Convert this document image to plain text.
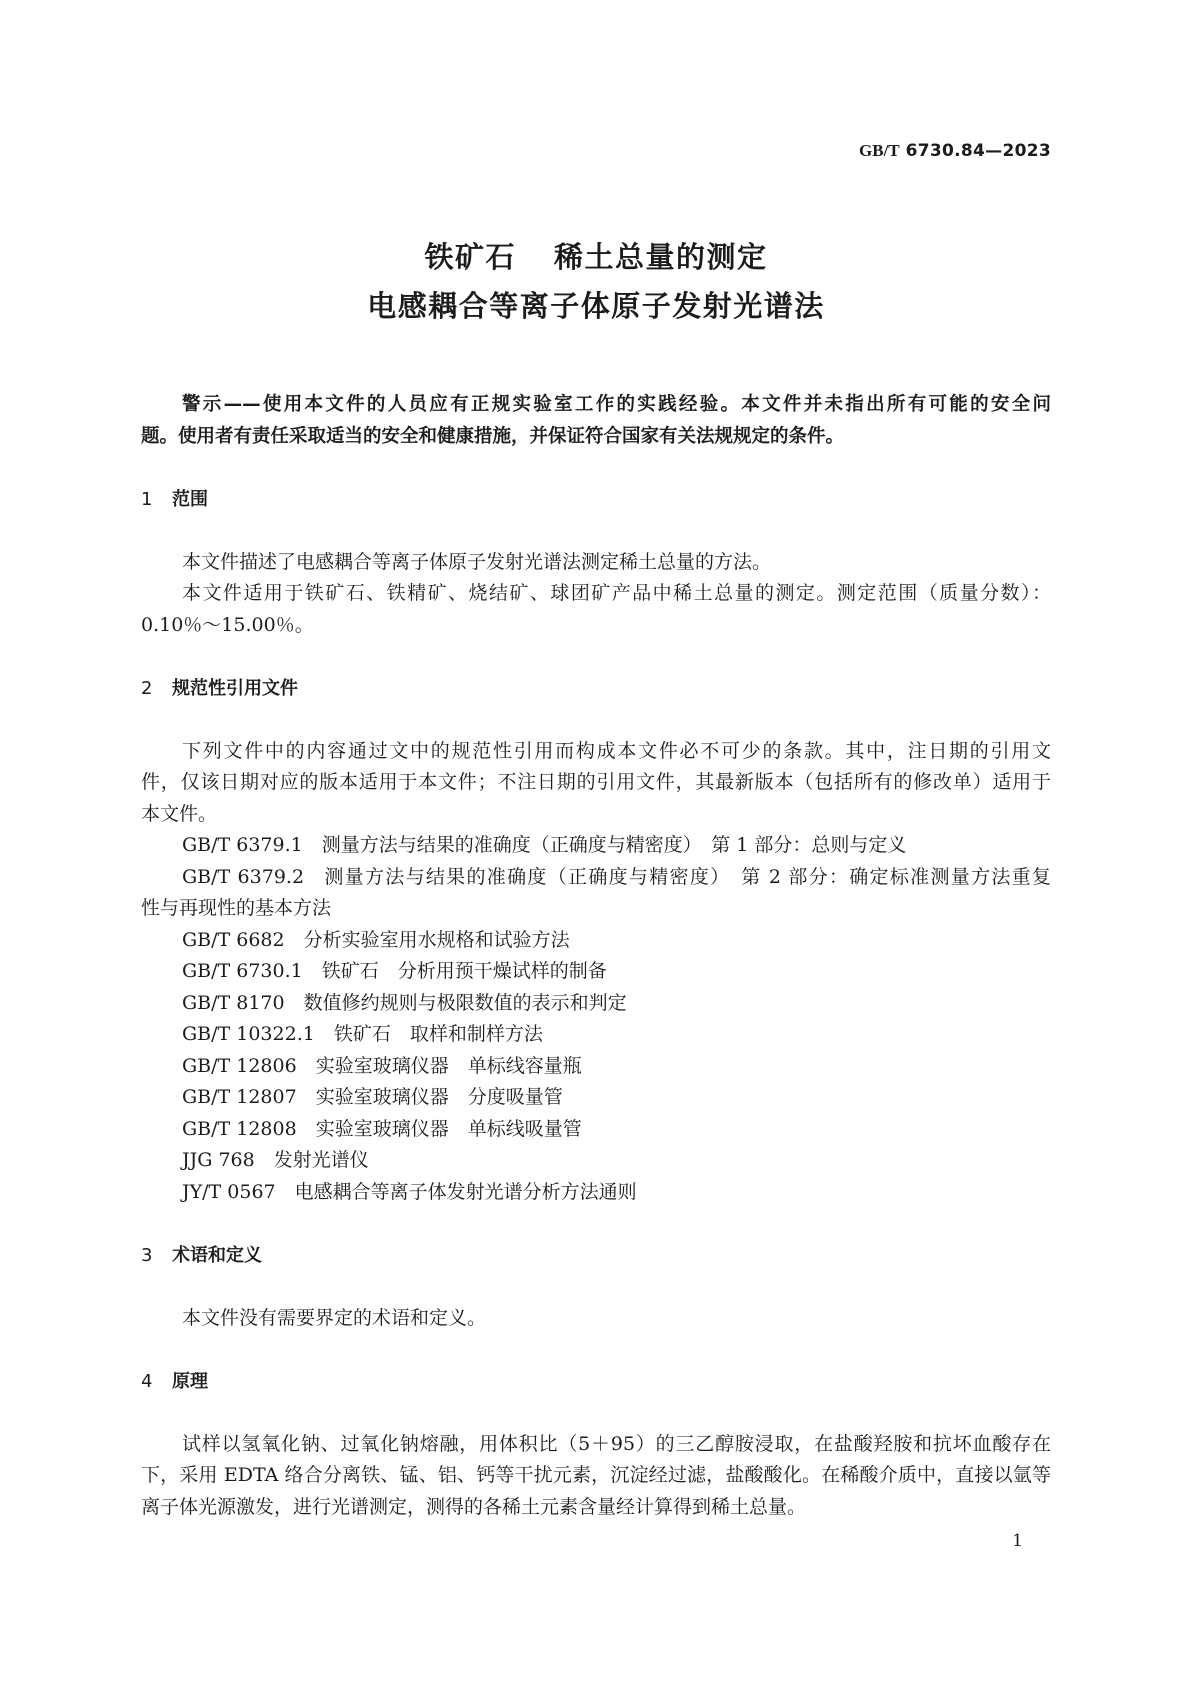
GB/T 6730.84—2023
铁矿石 稀土总量的测定
电感耦合等离子体原子发射光谱法
警示——使用本文件的人员应有正规实验室工作的实践经验。本文件并未指出所有可能的安全问
题。使用者有责任采取适当的安全和健康措施，并保证符合国家有关法规规定的条件。
1 范围
本文件描述了电感耦合等离子体原子发射光谱法测定稀土总量的方法。
本文件适用于铁矿石、铁精矿、烧结矿、球团矿产品中稀土总量的测定。测定范围（质量分数）：
0.10％～15.00％。
2 规范性引用文件
下列文件中的内容通过文中的规范性引用而构成本文件必不可少的条款。其中，注日期的引用文
件，仅该日期对应的版本适用于本文件；不注日期的引用文件，其最新版本（包括所有的修改单）适用于
本文件。
GB/T 6379.1 测量方法与结果的准确度（正确度与精密度）　第 1 部分：总则与定义
GB/T 6379.2 测量方法与结果的准确度（正确度与精密度）　第 2 部分：确定标准测量方法重复
性与再现性的基本方法
GB/T 6682 分析实验室用水规格和试验方法
GB/T 6730.1 铁矿石　分析用预干燥试样的制备
GB/T 8170 数值修约规则与极限数值的表示和判定
GB/T 10322.1 铁矿石　取样和制样方法
GB/T 12806 实验室玻璃仪器　单标线容量瓶
GB/T 12807 实验室玻璃仪器　分度吸量管
GB/T 12808 实验室玻璃仪器　单标线吸量管
JJG 768 发射光谱仪
JY/T 0567 电感耦合等离子体发射光谱分析方法通则
3 术语和定义
本文件没有需要界定的术语和定义。
4 原理
试样以氢氧化钠、过氧化钠熔融，用体积比（5＋95）的三乙醇胺浸取，在盐酸羟胺和抗坏血酸存在
下，采用 EDTA 络合分离铁、锰、铝、钙等干扰元素，沉淀经过滤，盐酸酸化。在稀酸介质中，直接以氩等
离子体光源激发，进行光谱测定，测得的各稀土元素含量经计算得到稀土总量。
1
